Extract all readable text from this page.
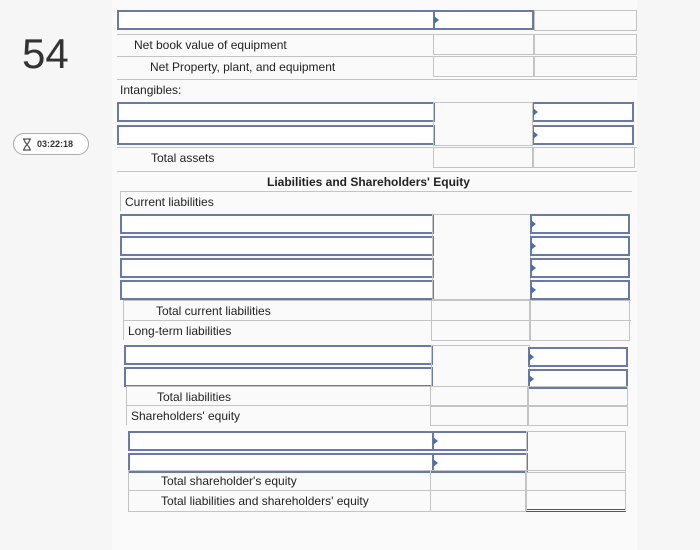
54
03:22:18
Net book value of equipment
Net Property, plant, and equipment
Intangibles:
Total assets
Liabilities and Shareholders' Equity
Current liabilities
Total current liabilities
Long-term liabilities
Total liabilities
Shareholders' equity
Total shareholder's equity
Total liabilities and shareholders' equity
